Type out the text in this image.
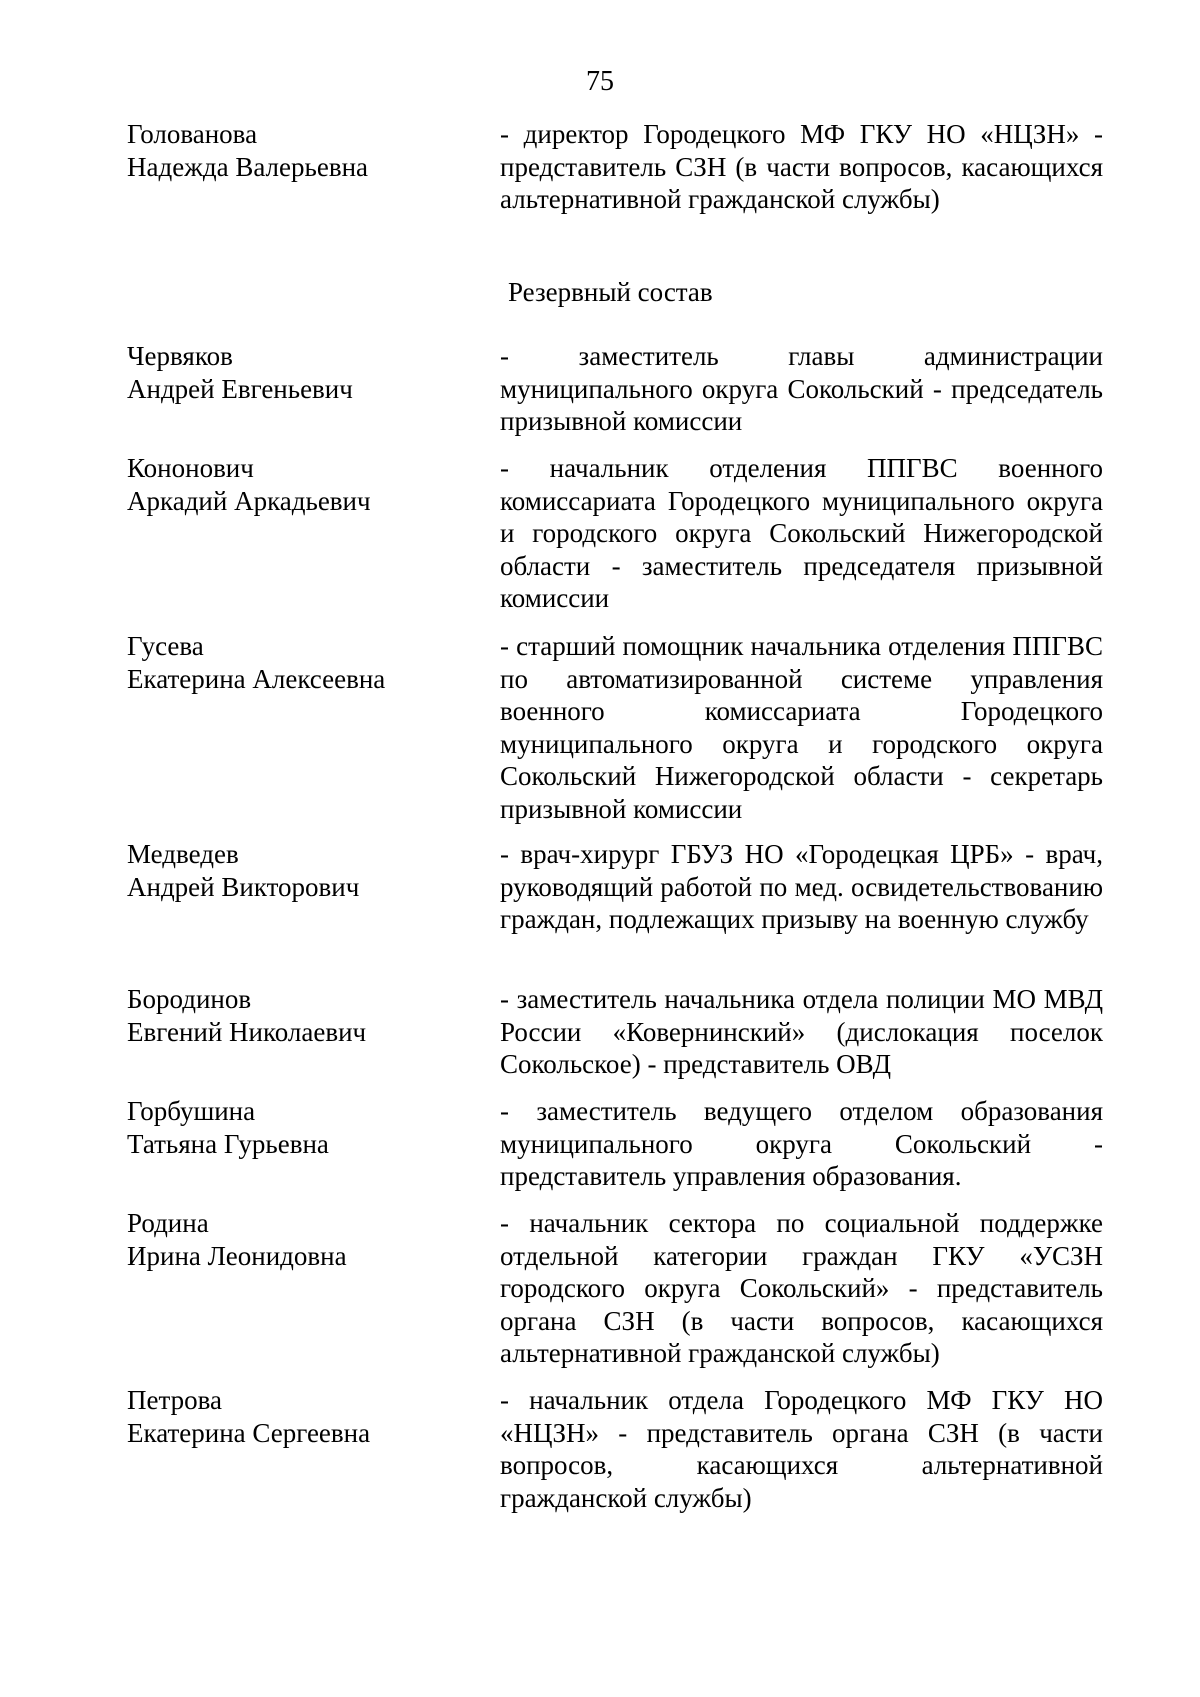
75
Голованова
Надежда Валерьевна
- директор Городецкого МФ ГКУ НО «НЦЗН» - представитель СЗН (в части вопросов, касающихся альтернативной гражданской службы)
Резервный состав
Червяков
Андрей Евгеньевич
- заместитель главы администрации муниципального округа Сокольский - председатель призывной комиссии
Кононович
Аркадий Аркадьевич
- начальник отделения ППГВС военного комиссариата Городецкого муниципального округа и городского округа Сокольский Нижегородской области - заместитель председателя призывной комиссии
Гусева
Екатерина Алексеевна
- старший помощник начальника отделения ППГВС по автоматизированной системе управления военного комиссариата Городецкого муниципального округа и городского округа Сокольский Нижегородской области - секретарь призывной комиссии
Медведев
Андрей Викторович
- врач-хирург ГБУЗ НО «Городецкая ЦРБ» - врач, руководящий работой по мед. освидетельствованию граждан, подлежащих призыву на военную службу
Бородинов
Евгений Николаевич
- заместитель начальника отдела полиции МО МВД России «Ковернинский» (дислокация поселок Сокольское) - представитель ОВД
Горбушина
Татьяна Гурьевна
- заместитель ведущего отделом образования муниципального округа Сокольский - представитель управления образования.
Родина
Ирина Леонидовна
- начальник сектора по социальной поддержке отдельной категории граждан ГКУ «УСЗН городского округа Сокольский» - представитель органа СЗН (в части вопросов, касающихся альтернативной гражданской службы)
Петрова
Екатерина Сергеевна
- начальник отдела Городецкого МФ ГКУ НО «НЦЗН» - представитель органа СЗН (в части вопросов, касающихся альтернативной гражданской службы)
